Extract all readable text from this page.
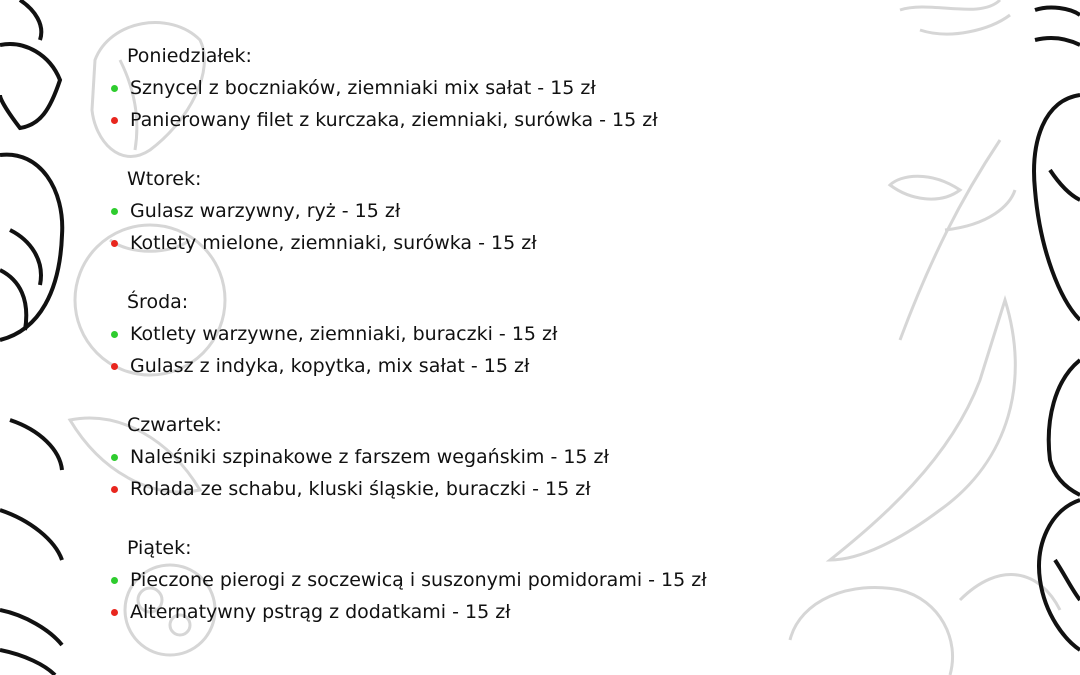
Poniedziałek:
Sznycel z boczniaków, ziemniaki mix sałat - 15 zł
Panierowany filet z kurczaka, ziemniaki, surówka - 15 zł
Wtorek:
Gulasz warzywny, ryż - 15 zł
Kotlety mielone, ziemniaki, surówka - 15 zł
Środa:
Kotlety warzywne, ziemniaki, buraczki - 15 zł
Gulasz z indyka, kopytka, mix sałat - 15 zł
Czwartek:
Naleśniki szpinakowe z farszem wegańskim - 15 zł
Rolada ze schabu, kluski śląskie, buraczki - 15 zł
Piątek:
Pieczone pierogi z soczewicą i suszonymi pomidorami - 15 zł
Alternatywny pstrąg z dodatkami - 15 zł
